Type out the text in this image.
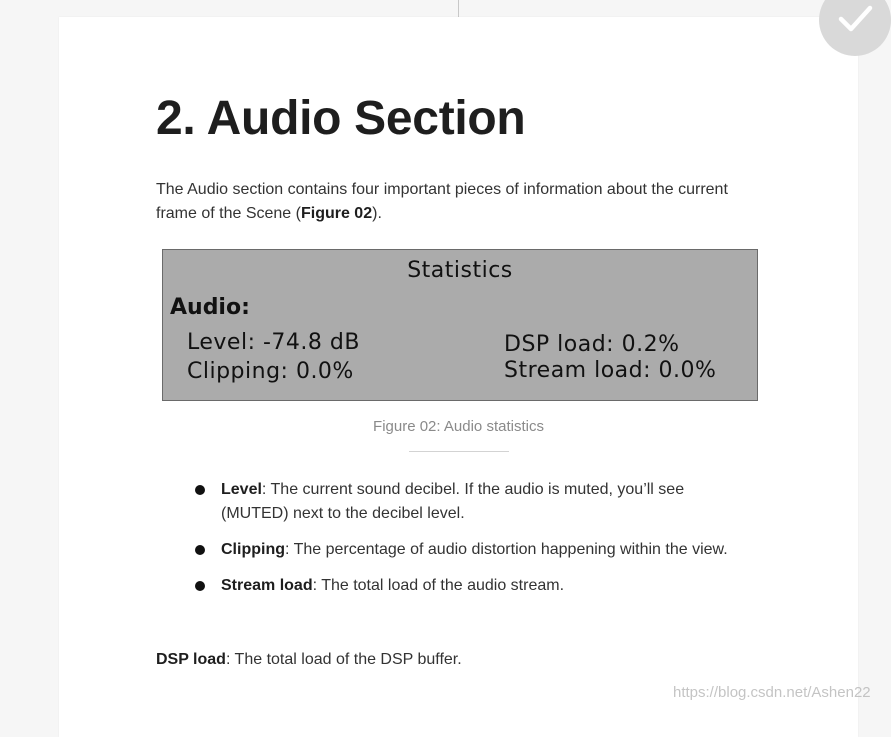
2. Audio Section

The Audio section contains four important pieces of information about the current frame of the Scene (Figure 02).

Statistics
Audio:
Level: -74.8 dB
Clipping: 0.0%
DSP load: 0.2%
Stream load: 0.0%
Figure 02: Audio statistics
Level: The current sound decibel. If the audio is muted, you’ll see (MUTED) next to the decibel level.
Clipping: The percentage of audio distortion happening within the view.
Stream load: The total load of the audio stream.

DSP load: The total load of the DSP buffer.

https://blog.csdn.net/Ashen22
